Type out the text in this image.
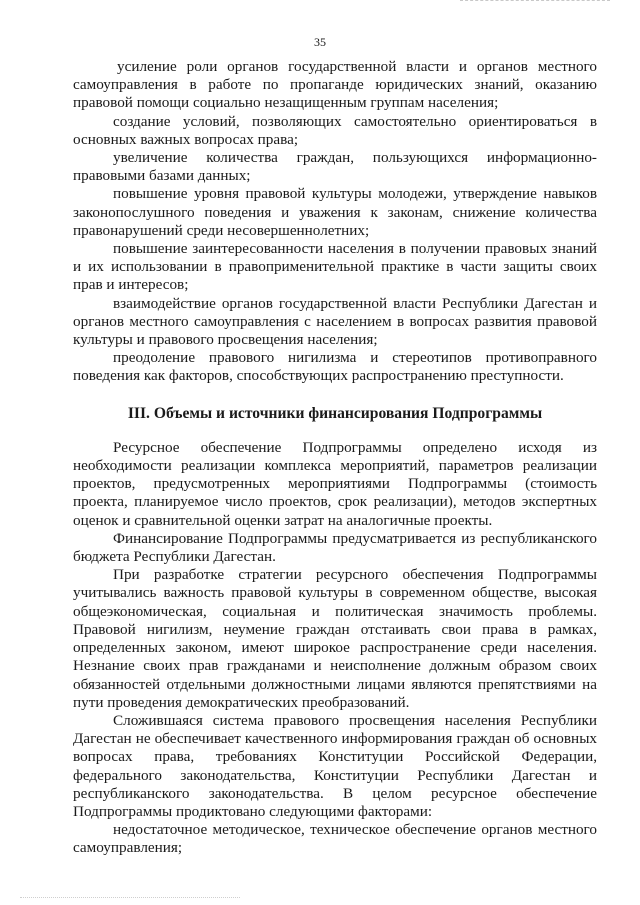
35

усиление роли органов государственной власти и органов местного самоуправления в работе по пропаганде юридических знаний, оказанию правовой помощи социально незащищенным группам населения;

создание условий, позволяющих самостоятельно ориентироваться в основных важных вопросах права;

увеличение количества граждан, пользующихся информационно-правовыми базами данных;

повышение уровня правовой культуры молодежи, утверждение навыков законопослушного поведения и уважения к законам, снижение количества правонарушений среди несовершеннолетних;

повышение заинтересованности населения в получении правовых знаний и их использовании в правоприменительной практике в части защиты своих прав и интересов;

взаимодействие органов государственной власти Республики Дагестан и органов местного самоуправления с населением в вопросах развития правовой культуры и правового просвещения населения;

преодоление правового нигилизма и стереотипов противоправного поведения как факторов, способствующих распространению преступности.

III. Объемы и источники финансирования Подпрограммы

Ресурсное обеспечение Подпрограммы определено исходя из необходимости реализации комплекса мероприятий, параметров реализации проектов, предусмотренных мероприятиями Подпрограммы (стоимость проекта, планируемое число проектов, срок реализации), методов экспертных оценок и сравнительной оценки затрат на аналогичные проекты.

Финансирование Подпрограммы предусматривается из республиканского бюджета Республики Дагестан.

При разработке стратегии ресурсного обеспечения Подпрограммы учитывались важность правовой культуры в современном обществе, высокая общеэкономическая, социальная и политическая значимость проблемы. Правовой нигилизм, неумение граждан отстаивать свои права в рамках, определенных законом, имеют широкое распространение среди населения. Незнание своих прав гражданами и неисполнение должным образом своих обязанностей отдельными должностными лицами являются препятствиями на пути проведения демократических преобразований.

Сложившаяся система правового просвещения населения Республики Дагестан не обеспечивает качественного информирования граждан об основных вопросах права, требованиях Конституции Российской Федерации, федерального законодательства, Конституции Республики Дагестан и республиканского законодательства. В целом ресурсное обеспечение Подпрограммы продиктовано следующими факторами:

недостаточное методическое, техническое обеспечение органов местного самоуправления;
